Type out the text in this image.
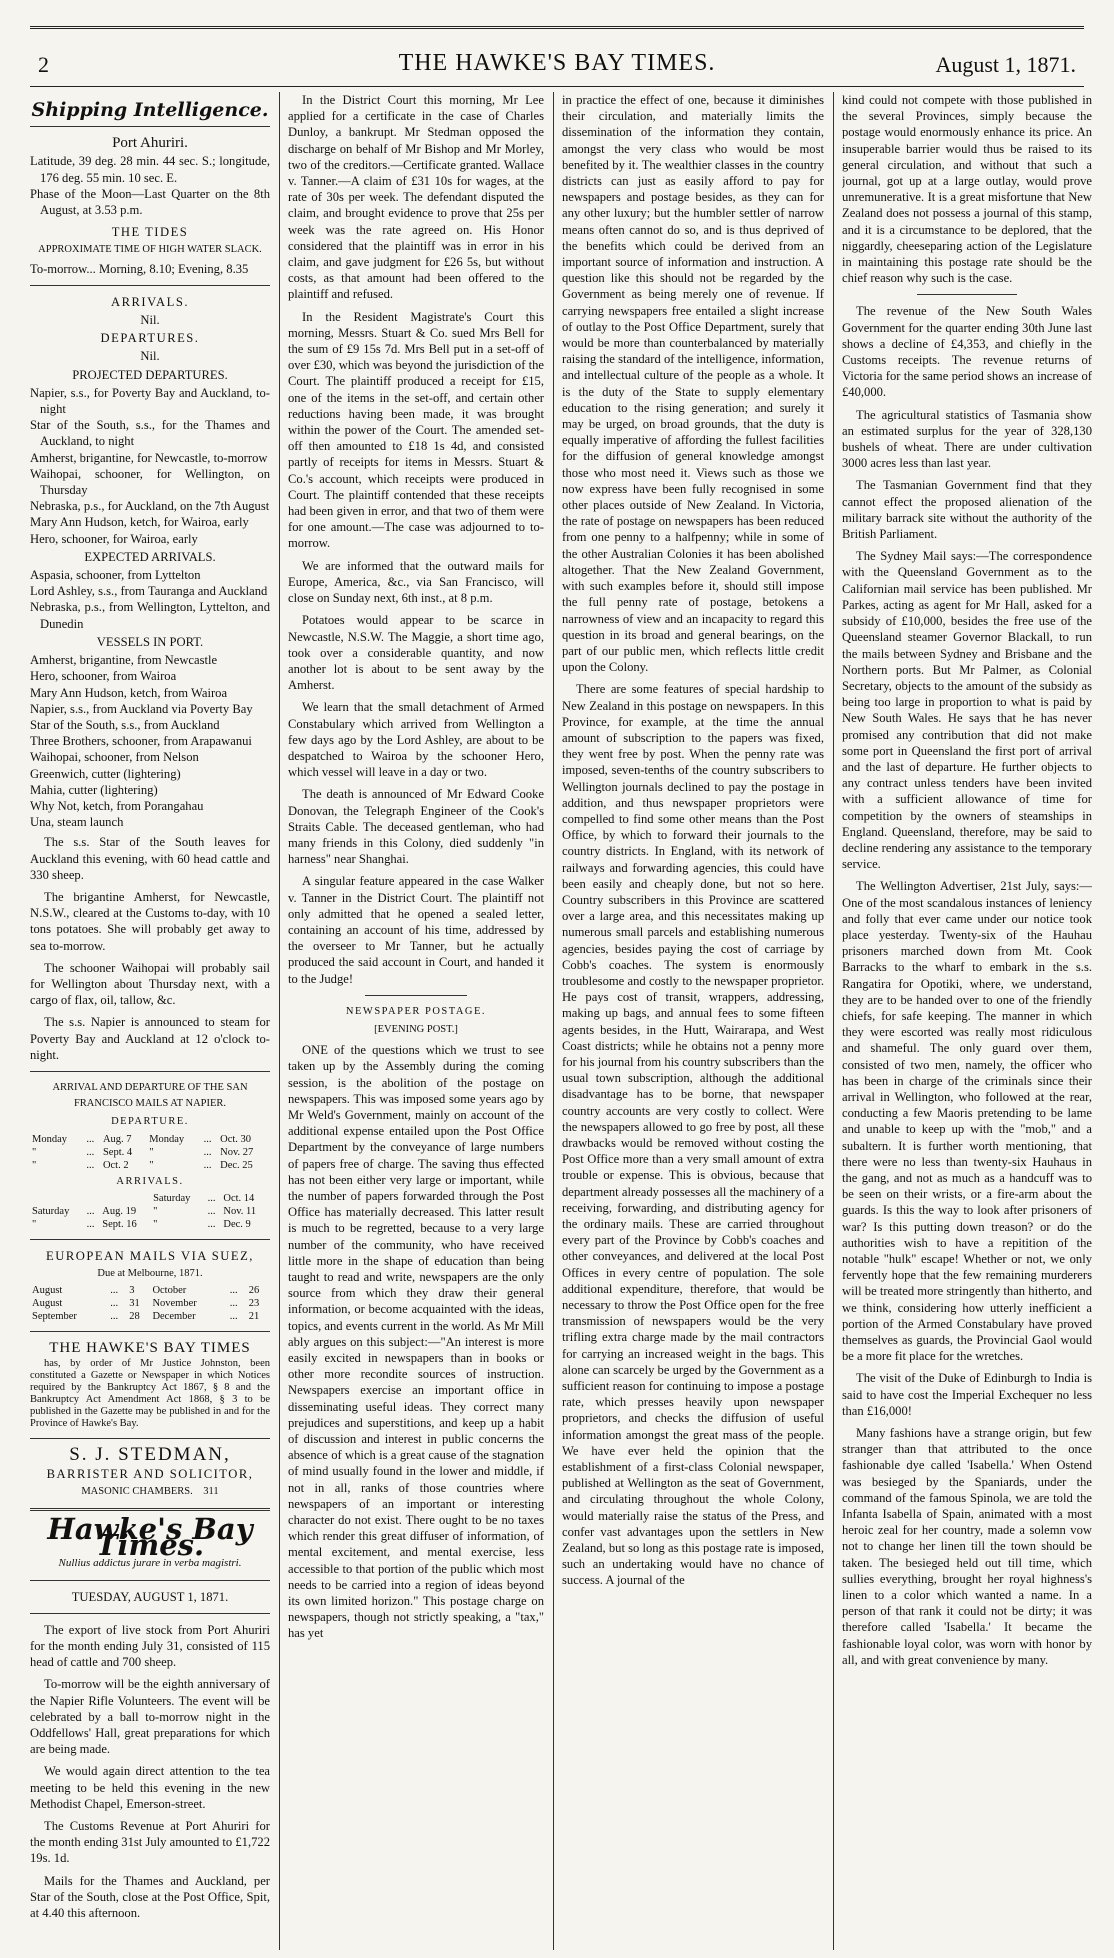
2	THE HAWKE'S BAY TIMES.	August 1, 1871.
Shipping Intelligence.
Port Ahuriri.

Latitude, 39 deg. 28 min. 44 sec. S.; longitude, 176 deg. 55 min. 10 sec. E.

Phase of the Moon—Last Quarter on the 8th August, at 3.53 p.m.

THE TIDES
APPROXIMATE TIME OF HIGH WATER SLACK.

To-morrow... Morning, 8.10; Evening, 8.35

ARRIVALS.
Nil.
DEPARTURES.
Nil.
PROJECTED DEPARTURES.

Napier, s.s., for Poverty Bay and Auckland, to-night

Star of the South, s.s., for the Thames and Auckland, to night

Amherst, brigantine, for Newcastle, to-morrow

Waihopai, schooner, for Wellington, on Thursday

Nebraska, p.s., for Auckland, on the 7th August

Mary Ann Hudson, ketch, for Wairoa, early

Hero, schooner, for Wairoa, early

EXPECTED ARRIVALS.

Aspasia, schooner, from Lyttelton

Lord Ashley, s.s., from Tauranga and Auckland

Nebraska, p.s., from Wellington, Lyttelton, and Dunedin

VESSELS IN PORT.

Amherst, brigantine, from Newcastle

Hero, schooner, from Wairoa

Mary Ann Hudson, ketch, from Wairoa

Napier, s.s., from Auckland via Poverty Bay

Star of the South, s.s., from Auckland

Three Brothers, schooner, from Arapawanui

Waihopai, schooner, from Nelson

Greenwich, cutter (lightering)

Mahia, cutter (lightering)

Why Not, ketch, from Porangahau

Una, steam launch

The s.s. Star of the South leaves for Auckland this evening, with 60 head cattle and 330 sheep.

The brigantine Amherst, for Newcastle, N.S.W., cleared at the Customs to-day, with 10 tons potatoes. She will probably get away to sea to-morrow.

The schooner Waihopai will probably sail for Wellington about Thursday next, with a cargo of flax, oil, tallow, &c.

The s.s. Napier is announced to steam for Poverty Bay and Auckland at 12 o'clock to-night.

ARRIVAL AND DEPARTURE OF THE SAN FRANCISCO MAILS AT NAPIER.
DEPARTURE.
Monday	...	Aug. 7	Monday	...	Oct. 30
"	...	Sept. 4	"	...	Nov. 27
"	...	Oct. 2	"	...	Dec. 25
ARRIVALS.
			Saturday	...	Oct. 14
Saturday	...	Aug. 19	"	...	Nov. 11
"	...	Sept. 16	"	...	Dec. 9
EUROPEAN MAILS VIA SUEZ,
Due at Melbourne, 1871.
August	...	3	October	...	26
August	...	31	November	...	23
September	...	28	December	...	21
THE HAWKE'S BAY TIMES

has, by order of Mr Justice Johnston, been constituted a Gazette or Newspaper in which Notices required by the Bankruptcy Act 1867, § 8 and the Bankruptcy Act Amendment Act 1868, § 3 to be published in the Gazette may be published in and for the Province of Hawke's Bay.

S. J. STEDMAN,
BARRISTER AND SOLICITOR,
MASONIC CHAMBERS. 311
Hawke's Bay Times.
Nullius addictus jurare in verba magistri.
TUESDAY, AUGUST 1, 1871.

The export of live stock from Port Ahuriri for the month ending July 31, consisted of 115 head of cattle and 700 sheep.

To-morrow will be the eighth anniversary of the Napier Rifle Volunteers. The event will be celebrated by a ball to-morrow night in the Oddfellows' Hall, great preparations for which are being made.

We would again direct attention to the tea meeting to be held this evening in the new Methodist Chapel, Emerson-street.

The Customs Revenue at Port Ahuriri for the month ending 31st July amounted to £1,722 19s. 1d.

Mails for the Thames and Auckland, per Star of the South, close at the Post Office, Spit, at 4.40 this afternoon.

In the District Court this morning, Mr Lee applied for a certificate in the case of Charles Dunloy, a bankrupt. Mr Stedman opposed the discharge on behalf of Mr Bishop and Mr Morley, two of the creditors.—Certificate granted. Wallace v. Tanner.—A claim of £31 10s for wages, at the rate of 30s per week. The defendant disputed the claim, and brought evidence to prove that 25s per week was the rate agreed on. His Honor considered that the plaintiff was in error in his claim, and gave judgment for £26 5s, but without costs, as that amount had been offered to the plaintiff and refused.

In the Resident Magistrate's Court this morning, Messrs. Stuart & Co. sued Mrs Bell for the sum of £9 15s 7d. Mrs Bell put in a set-off of over £30, which was beyond the jurisdiction of the Court. The plaintiff produced a receipt for £15, one of the items in the set-off, and certain other reductions having been made, it was brought within the power of the Court. The amended set-off then amounted to £18 1s 4d, and consisted partly of receipts for items in Messrs. Stuart & Co.'s account, which receipts were produced in Court. The plaintiff contended that these receipts had been given in error, and that two of them were for one amount.—The case was adjourned to to-morrow.

We are informed that the outward mails for Europe, America, &c., via San Francisco, will close on Sunday next, 6th inst., at 8 p.m.

Potatoes would appear to be scarce in Newcastle, N.S.W. The Maggie, a short time ago, took over a considerable quantity, and now another lot is about to be sent away by the Amherst.

We learn that the small detachment of Armed Constabulary which arrived from Wellington a few days ago by the Lord Ashley, are about to be despatched to Wairoa by the schooner Hero, which vessel will leave in a day or two.

The death is announced of Mr Edward Cooke Donovan, the Telegraph Engineer of the Cook's Straits Cable. The deceased gentleman, who had many friends in this Colony, died suddenly "in harness" near Shanghai.

A singular feature appeared in the case Walker v. Tanner in the District Court. The plaintiff not only admitted that he opened a sealed letter, containing an account of his time, addressed by the overseer to Mr Tanner, but he actually produced the said account in Court, and handed it to the Judge!

NEWSPAPER POSTAGE.
[EVENING POST.]

ONE of the questions which we trust to see taken up by the Assembly during the coming session, is the abolition of the postage on newspapers. This was imposed some years ago by Mr Weld's Government, mainly on account of the additional expense entailed upon the Post Office Department by the conveyance of large numbers of papers free of charge. The saving thus effected has not been either very large or important, while the number of papers forwarded through the Post Office has materially decreased. This latter result is much to be regretted, because to a very large number of the community, who have received little more in the shape of education than being taught to read and write, newspapers are the only source from which they draw their general information, or become acquainted with the ideas, topics, and events current in the world. As Mr Mill ably argues on this subject:—"An interest is more easily excited in newspapers than in books or other more recondite sources of instruction. Newspapers exercise an important office in disseminating useful ideas. They correct many prejudices and superstitions, and keep up a habit of discussion and interest in public concerns the absence of which is a great cause of the stagnation of mind usually found in the lower and middle, if not in all, ranks of those countries where newspapers of an important or interesting character do not exist. There ought to be no taxes which render this great diffuser of information, of mental excitement, and mental exercise, less accessible to that portion of the public which most needs to be carried into a region of ideas beyond its own limited horizon." This postage charge on newspapers, though not strictly speaking, a "tax," has yet

in practice the effect of one, because it diminishes their circulation, and materially limits the dissemination of the information they contain, amongst the very class who would be most benefited by it. The wealthier classes in the country districts can just as easily afford to pay for newspapers and postage besides, as they can for any other luxury; but the humbler settler of narrow means often cannot do so, and is thus deprived of the benefits which could be derived from an important source of information and instruction. A question like this should not be regarded by the Government as being merely one of revenue. If carrying newspapers free entailed a slight increase of outlay to the Post Office Department, surely that would be more than counterbalanced by materially raising the standard of the intelligence, information, and intellectual culture of the people as a whole. It is the duty of the State to supply elementary education to the rising generation; and surely it may be urged, on broad grounds, that the duty is equally imperative of affording the fullest facilities for the diffusion of general knowledge amongst those who most need it. Views such as those we now express have been fully recognised in some other places outside of New Zealand. In Victoria, the rate of postage on newspapers has been reduced from one penny to a halfpenny; while in some of the other Australian Colonies it has been abolished altogether. That the New Zealand Government, with such examples before it, should still impose the full penny rate of postage, betokens a narrowness of view and an incapacity to regard this question in its broad and general bearings, on the part of our public men, which reflects little credit upon the Colony.

There are some features of special hardship to New Zealand in this postage on newspapers. In this Province, for example, at the time the annual amount of subscription to the papers was fixed, they went free by post. When the penny rate was imposed, seven-tenths of the country subscribers to Wellington journals declined to pay the postage in addition, and thus newspaper proprietors were compelled to find some other means than the Post Office, by which to forward their journals to the country districts. In England, with its network of railways and forwarding agencies, this could have been easily and cheaply done, but not so here. Country subscribers in this Province are scattered over a large area, and this necessitates making up numerous small parcels and establishing numerous agencies, besides paying the cost of carriage by Cobb's coaches. The system is enormously troublesome and costly to the newspaper proprietor. He pays cost of transit, wrappers, addressing, making up bags, and annual fees to some fifteen agents besides, in the Hutt, Wairarapa, and West Coast districts; while he obtains not a penny more for his journal from his country subscribers than the usual town subscription, although the additional disadvantage has to be borne, that newspaper country accounts are very costly to collect. Were the newspapers allowed to go free by post, all these drawbacks would be removed without costing the Post Office more than a very small amount of extra trouble or expense. This is obvious, because that department already possesses all the machinery of a receiving, forwarding, and distributing agency for the ordinary mails. These are carried throughout every part of the Province by Cobb's coaches and other conveyances, and delivered at the local Post Offices in every centre of population. The sole additional expenditure, therefore, that would be necessary to throw the Post Office open for the free transmission of newspapers would be the very trifling extra charge made by the mail contractors for carrying an increased weight in the bags. This alone can scarcely be urged by the Government as a sufficient reason for continuing to impose a postage rate, which presses heavily upon newspaper proprietors, and checks the diffusion of useful information amongst the great mass of the people. We have ever held the opinion that the establishment of a first-class Colonial newspaper, published at Wellington as the seat of Government, and circulating throughout the whole Colony, would materially raise the status of the Press, and confer vast advantages upon the settlers in New Zealand, but so long as this postage rate is imposed, such an undertaking would have no chance of success. A journal of the

kind could not compete with those published in the several Provinces, simply because the postage would enormously enhance its price. An insuperable barrier would thus be raised to its general circulation, and without that such a journal, got up at a large outlay, would prove unremunerative. It is a great misfortune that New Zealand does not possess a journal of this stamp, and it is a circumstance to be deplored, that the niggardly, cheeseparing action of the Legislature in maintaining this postage rate should be the chief reason why such is the case.

The revenue of the New South Wales Government for the quarter ending 30th June last shows a decline of £4,353, and chiefly in the Customs receipts. The revenue returns of Victoria for the same period shows an increase of £40,000.

The agricultural statistics of Tasmania show an estimated surplus for the year of 328,130 bushels of wheat. There are under cultivation 3000 acres less than last year.

The Tasmanian Government find that they cannot effect the proposed alienation of the military barrack site without the authority of the British Parliament.

The Sydney Mail says:—The correspondence with the Queensland Government as to the Californian mail service has been published. Mr Parkes, acting as agent for Mr Hall, asked for a subsidy of £10,000, besides the free use of the Queensland steamer Governor Blackall, to run the mails between Sydney and Brisbane and the Northern ports. But Mr Palmer, as Colonial Secretary, objects to the amount of the subsidy as being too large in proportion to what is paid by New South Wales. He says that he has never promised any contribution that did not make some port in Queensland the first port of arrival and the last of departure. He further objects to any contract unless tenders have been invited with a sufficient allowance of time for competition by the owners of steamships in England. Queensland, therefore, may be said to decline rendering any assistance to the temporary service.

The Wellington Advertiser, 21st July, says:—One of the most scandalous instances of leniency and folly that ever came under our notice took place yesterday. Twenty-six of the Hauhau prisoners marched down from Mt. Cook Barracks to the wharf to embark in the s.s. Rangatira for Opotiki, where, we understand, they are to be handed over to one of the friendly chiefs, for safe keeping. The manner in which they were escorted was really most ridiculous and shameful. The only guard over them, consisted of two men, namely, the officer who has been in charge of the criminals since their arrival in Wellington, who followed at the rear, conducting a few Maoris pretending to be lame and unable to keep up with the "mob," and a subaltern. It is further worth mentioning, that there were no less than twenty-six Hauhaus in the gang, and not as much as a handcuff was to be seen on their wrists, or a fire-arm about the guards. Is this the way to look after prisoners of war? Is this putting down treason? or do the authorities wish to have a repitition of the notable "hulk" escape! Whether or not, we only fervently hope that the few remaining murderers will be treated more stringently than hitherto, and we think, considering how utterly inefficient a portion of the Armed Constabulary have proved themselves as guards, the Provincial Gaol would be a more fit place for the wretches.

The visit of the Duke of Edinburgh to India is said to have cost the Imperial Exchequer no less than £16,000!

Many fashions have a strange origin, but few stranger than that attributed to the once fashionable dye called 'Isabella.' When Ostend was besieged by the Spaniards, under the command of the famous Spinola, we are told the Infanta Isabella of Spain, animated with a most heroic zeal for her country, made a solemn vow not to change her linen till the town should be taken. The besieged held out till time, which sullies everything, brought her royal highness's linen to a color which wanted a name. In a person of that rank it could not be dirty; it was therefore called 'Isabella.' It became the fashionable loyal color, was worn with honor by all, and with great convenience by many.
